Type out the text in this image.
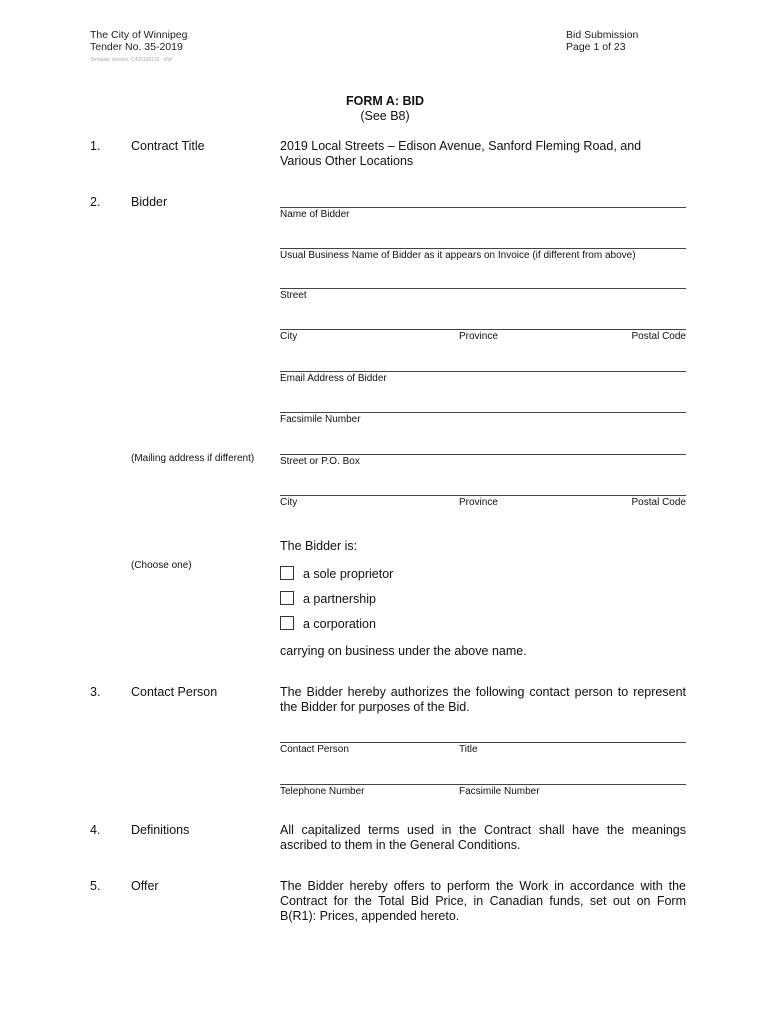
The City of Winnipeg
Tender No. 35-2019
Template Version: C420180115 - RW
Bid Submission
Page 1 of 23
FORM A: BID
(See B8)
1. Contract Title	2019 Local Streets – Edison Avenue, Sanford Fleming Road, and
Various Other Locations
2. Bidder
Name of Bidder
Usual Business Name of Bidder as it appears on Invoice (if different from above)
Street
City	Province	Postal Code
Email Address of Bidder
Facsimile Number
(Mailing address if different)	Street or P.O. Box
City	Province	Postal Code
The Bidder is:
(Choose one)
a sole proprietor
a partnership
a corporation
carrying on business under the above name.
3. Contact Person	The Bidder hereby authorizes the following contact person to represent
the Bidder for purposes of the Bid.
Contact Person	Title
Telephone Number	Facsimile Number
4. Definitions	All capitalized terms used in the Contract shall have the meanings
ascribed to them in the General Conditions.
5. Offer	The Bidder hereby offers to perform the Work in accordance with the
Contract for the Total Bid Price, in Canadian funds, set out on Form
B(R1): Prices, appended hereto.
